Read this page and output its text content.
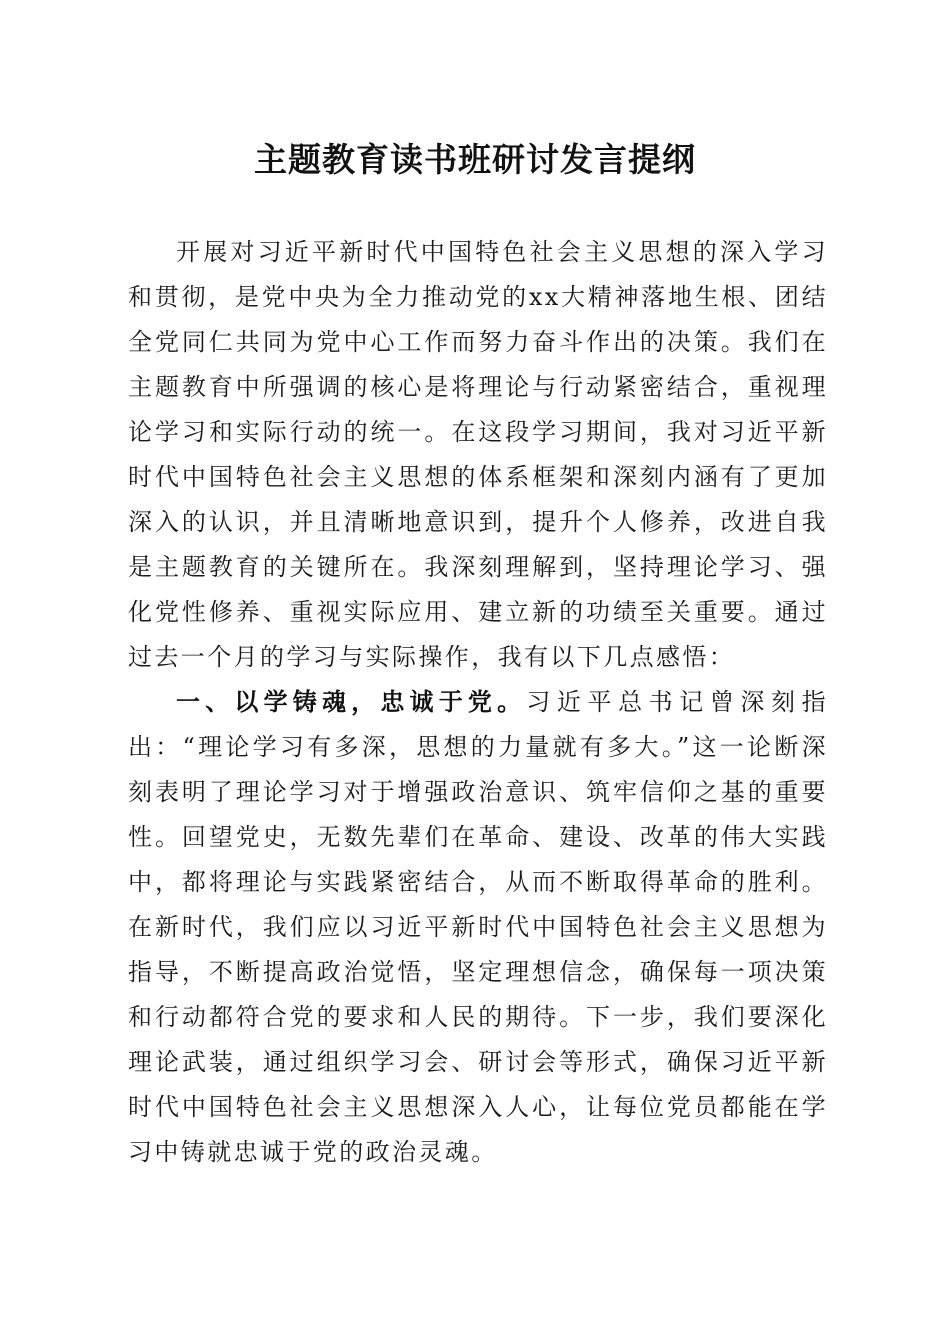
主题教育读书班研讨发言提纲

开展对习近平新时代中国特色社会主义思想的深入学习和贯彻，是党中央为全力推动党的xx大精神落地生根、团结全党同仁共同为党中心工作而努力奋斗作出的决策。我们在主题教育中所强调的核心是将理论与行动紧密结合，重视理论学习和实际行动的统一。在这段学习期间，我对习近平新时代中国特色社会主义思想的体系框架和深刻内涵有了更加深入的认识，并且清晰地意识到，提升个人修养，改进自我是主题教育的关键所在。我深刻理解到，坚持理论学习、强化党性修养、重视实际应用、建立新的功绩至关重要。通过过去一个月的学习与实际操作，我有以下几点感悟：

一、以学铸魂，忠诚于党。习近平总书记曾深刻指出：“理论学习有多深，思想的力量就有多大。”这一论断深刻表明了理论学习对于增强政治意识、筑牢信仰之基的重要性。回望党史，无数先辈们在革命、建设、改革的伟大实践中，都将理论与实践紧密结合，从而不断取得革命的胜利。在新时代，我们应以习近平新时代中国特色社会主义思想为指导，不断提高政治觉悟，坚定理想信念，确保每一项决策和行动都符合党的要求和人民的期待。下一步，我们要深化理论武装，通过组织学习会、研讨会等形式，确保习近平新时代中国特色社会主义思想深入人心，让每位党员都能在学习中铸就忠诚于党的政治灵魂。
